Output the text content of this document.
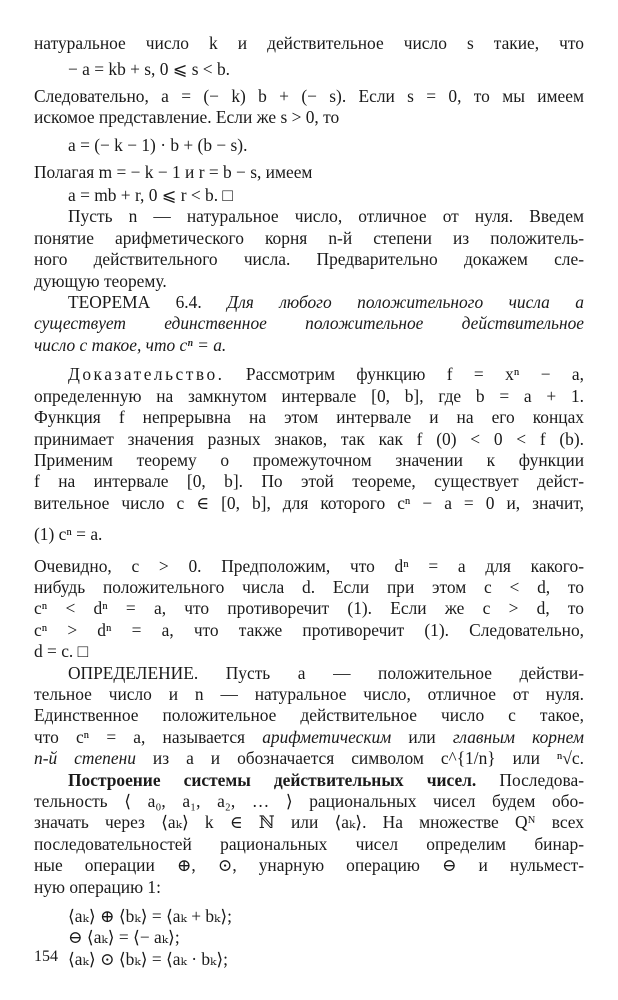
натуральное число k и действительное число s такие, что

− a = kb + s, 0 ⩽ s < b.

Следовательно, a = (− k) b + (− s). Если s = 0, то мы имеем

искомое представление. Если же s > 0, то

a = (− k − 1) · b + (b − s).

Полагая m = − k − 1 и r = b − s, имеем

a = mb + r, 0 ⩽ r < b. □

Пусть n — натуральное число, отличное от нуля. Введем

понятие арифметического корня n-й степени из положитель-

ного действительного числа. Предварительно докажем сле-

дующую теорему.

ТЕОРЕМА 6.4. Для любого положительного числа a

существует единственное положительное действительное

число c такое, что cⁿ = a.

Доказательство. Рассмотрим функцию f = xⁿ − a,

определенную на замкнутом интервале [0, b], где b = a + 1.

Функция f непрерывна на этом интервале и на его концах

принимает значения разных знаков, так как f (0) < 0 < f (b).

Применим теорему о промежуточном значении к функции

f на интервале [0, b]. По этой теореме, существует дейст-

вительное число c ∈ [0, b], для которого cⁿ − a = 0 и, значит,

(1) cⁿ = a.

Очевидно, c > 0. Предположим, что dⁿ = a для какого-

нибудь положительного числа d. Если при этом c < d, то

cⁿ < dⁿ = a, что противоречит (1). Если же c > d, то

cⁿ > dⁿ = a, что также противоречит (1). Следовательно,

d = c. □

ОПРЕДЕЛЕНИЕ. Пусть a — положительное действи-

тельное число и n — натуральное число, отличное от нуля.

Единственное положительное действительное число c такое,

что cⁿ = a, называется арифметическим или главным корнем

n-й степени из a и обозначается символом c^{1/n} или ⁿ√c.

Построение системы действительных чисел. Последова-

тельность ⟨ a₀, a₁, a₂, … ⟩ рациональных чисел будем обо-

значать через ⟨aₖ⟩ k ∈ ℕ или ⟨aₖ⟩. На множестве Qᴺ всех

последовательностей рациональных чисел определим бинар-

ные операции ⊕, ⊙, унарную операцию ⊖ и нульмест-

ную операцию 1:

⟨aₖ⟩ ⊕ ⟨bₖ⟩ = ⟨aₖ + bₖ⟩;

⊖ ⟨aₖ⟩ = ⟨− aₖ⟩;

⟨aₖ⟩ ⊙ ⟨bₖ⟩ = ⟨aₖ · bₖ⟩;

154
